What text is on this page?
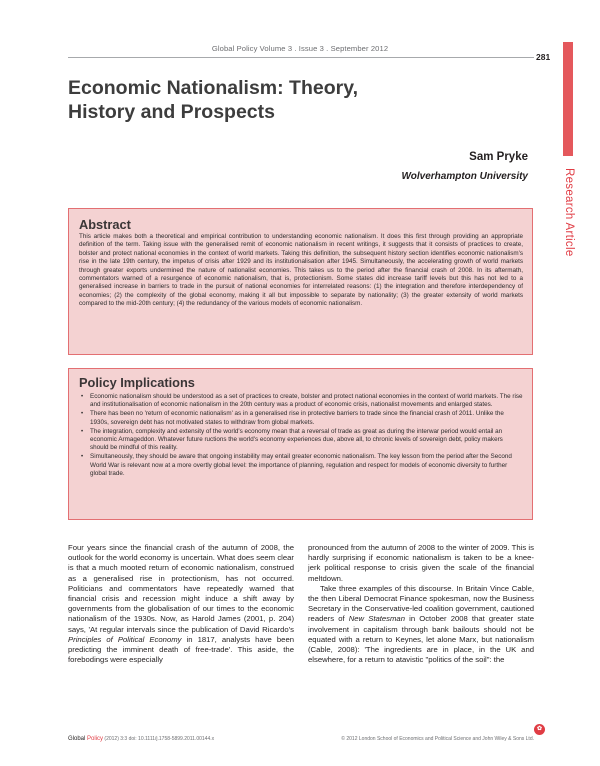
Global Policy Volume 3 . Issue 3 . September 2012
281
Research Article
Economic Nationalism: Theory,
History and Prospects
Sam Pryke
Wolverhampton University
Abstract

This article makes both a theoretical and empirical contribution to understanding economic nationalism. It does this first through providing an appropriate definition of the term. Taking issue with the generalised remit of economic nationalism in recent writings, it suggests that it consists of practices to create, bolster and protect national economies in the context of world markets. Taking this definition, the subsequent history section identifies economic nationalism's rise in the late 19th century, the impetus of crisis after 1929 and its institutionalisation after 1945. Simultaneously, the accelerating growth of world markets through greater exports undermined the nature of nationalist economies. This takes us to the period after the financial crash of 2008. In its aftermath, commentators warned of a resurgence of economic nationalism, that is, protectionism. Some states did increase tariff levels but this has not led to a generalised increase in barriers to trade in the pursuit of national economies for interrelated reasons: (1) the integration and therefore interdependency of economies; (2) the complexity of the global economy, making it all but impossible to separate by nationality; (3) the greater extensity of world markets compared to the mid-20th century; (4) the redundancy of the various models of economic nationalism.

Policy Implications
• Economic nationalism should be understood as a set of practices to create, bolster and protect national economies in the context of world markets. The rise and institutionalisation of economic nationalism in the 20th century was a product of economic crisis, nationalist movements and enlarged states.
• There has been no 'return of economic nationalism' as in a generalised rise in protective barriers to trade since the financial crash of 2011. Unlike the 1930s, sovereign debt has not motivated states to withdraw from global markets.
• The integration, complexity and extensity of the world's economy mean that a reversal of trade as great as during the interwar period would entail an economic Armageddon. Whatever future ructions the world's economy experiences due, above all, to chronic levels of sovereign debt, policy makers should be mindful of this reality.
• Simultaneously, they should be aware that ongoing instability may entail greater economic nationalism. The key lesson from the period after the Second World War is relevant now at a more overtly global level: the importance of planning, regulation and respect for models of economic diversity to further global trade.

Four years since the financial crash of the autumn of 2008, the outlook for the world economy is uncertain. What does seem clear is that a much mooted return of economic nationalism, construed as a generalised rise in protectionism, has not occurred. Politicians and commentators have repeatedly warned that financial crisis and recession might induce a shift away by governments from the globalisation of our times to the economic nationalism of the 1930s. Now, as Harold James (2001, p. 204) says, 'At regular intervals since the publication of David Ricardo's Principles of Political Economy in 1817, analysts have been predicting the imminent death of free-trade'. This aside, the forebodings were especially

pronounced from the autumn of 2008 to the winter of 2009. This is hardly surprising if economic nationalism is taken to be a knee-jerk political response to crisis given the scale of the financial meltdown.

Take three examples of this discourse. In Britain Vince Cable, the then Liberal Democrat Finance spokesman, now the Business Secretary in the Conservative-led coalition government, cautioned readers of New Statesman in October 2008 that greater state involvement in capitalism through bank bailouts should not be equated with a return to Keynes, let alone Marx, but nationalism (Cable, 2008): 'The ingredients are in place, in the UK and elsewhere, for a return to atavistic "politics of the soil": the

Global Policy (2012) 3:3 doi: 10.1111/j.1758-5899.2011.00144.x	© 2012 London School of Economics and Political Science and John Wiley & Sons Ltd.
✿
